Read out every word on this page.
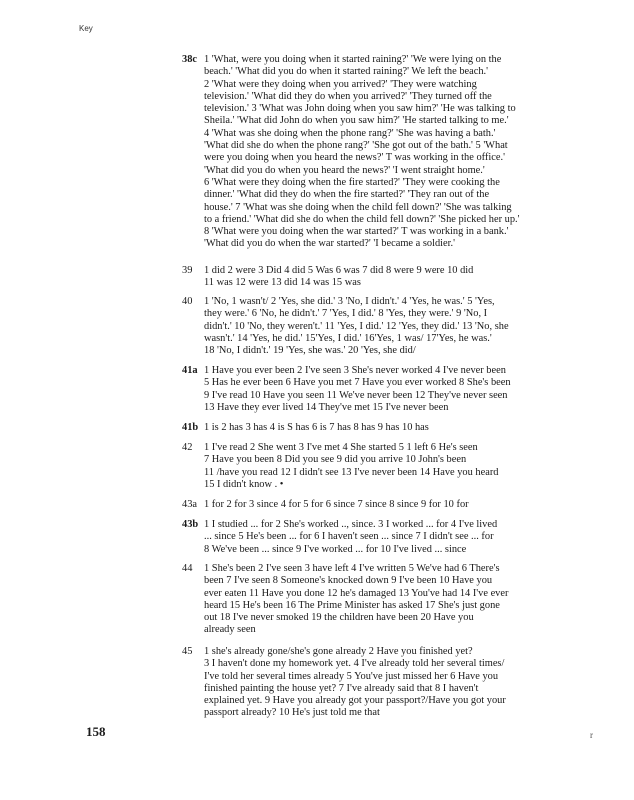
Key
38c 1 'What, were you doing when it started raining?' 'We were lying on the
beach.' 'What did you do when it started raining?' We left the beach.'
2 'What were they doing when you arrived?' 'They were watching
television.' 'What did they do when you arrived?' 'They turned off the
television.' 3 'What was John doing when you saw him?' 'He was talking to
Sheila.' 'What did John do when you saw him?' 'He started talking to me.'
4 'What was she doing when the phone rang?' 'She was having a bath.'
'What did she do when the phone rang?' 'She got out of the bath.' 5 'What
were you doing when you heard the news?' T was working in the office.'
'What did you do when you heard the news?' 'I went straight home.'
6 'What were they doing when the fire started?' 'They were cooking the
dinner.' 'What did they do when the fire started?' 'They ran out of the
house.' 7 'What was she doing when the child fell down?' 'She was talking
to a friend.' 'What did she do when the child fell down?' 'She picked her up.'
8 'What were you doing when the war started?' T was working in a bank.'
'What did you do when the war started?' 'I became a soldier.'
39	1 did 2 were 3 Did 4 did 5 Was 6 was 7 did 8 were 9 were 10 did
11 was 12 were 13 did 14 was 15 was
40	1 'No, 1 wasn't/ 2 'Yes, she did.' 3 'No, I didn't.' 4 'Yes, he was.' 5 'Yes,
they were.' 6 'No, he didn't.' 7 'Yes, I did.' 8 'Yes, they were.' 9 'No, I
didn't.' 10 'No, they weren't.' 11 'Yes, I did.' 12 'Yes, they did.' 13 'No, she
wasn't.' 14 'Yes, he did.' 15'Yes, I did.' 16'Yes, 1 was/ 17'Yes, he was.'
18 'No, I didn't.' 19 'Yes, she was.' 20 'Yes, she did/
41a 1 Have you ever been 2 I've seen 3 She's never worked 4 I've never been
5 Has he ever been 6 Have you met 7 Have you ever worked 8 She's been
9 I've read 10 Have you seen 11 We've never been 12 They've never seen
13 Have they ever lived 14 They've met 15 I've never been
41b 1 is 2 has 3 has 4 is S has 6 is 7 has 8 has 9 has 10 has
42	1 I've read 2 She went 3 I've met 4 She started 5 1 left 6 He's seen
7 Have you been 8 Did you see 9 did you arrive 10 John's been
11 /have you read 12 I didn't see 13 I've never been 14 Have you heard
15 I didn't know . •
43a 1 for 2 for 3 since 4 for 5 for 6 since 7 since 8 since 9 for 10 for
43b 1 I studied ... for 2 She's worked .., since. 3 I worked ... for 4 I've lived
... since 5 He's been ... for 6 I haven't seen ... since 7 I didn't see ... for
8 We've been ... since 9 I've worked ... for 10 I've lived ... since
44	1 She's been 2 I've seen 3 have left 4 I've written 5 We've had 6 There's
been 7 I've seen 8 Someone's knocked down 9 I've been 10 Have you
ever eaten 11 Have you done 12 he's damaged 13 You've had 14 I've ever
heard 15 He's been 16 The Prime Minister has asked 17 She's just gone
out 18 I've never smoked 19 the children have been 20 Have you
already seen
45	1 she's already gone/she's gone already 2 Have you finished yet?
3 I haven't done my homework yet. 4 I've already told her several times/
I've told her several times already 5 You've just missed her 6 Have you
finished painting the house yet? 7 I've already said that 8 I haven't
explained yet. 9 Have you already got your passport?/Have you got your
passport already? 10 He's just told me that
158	r
